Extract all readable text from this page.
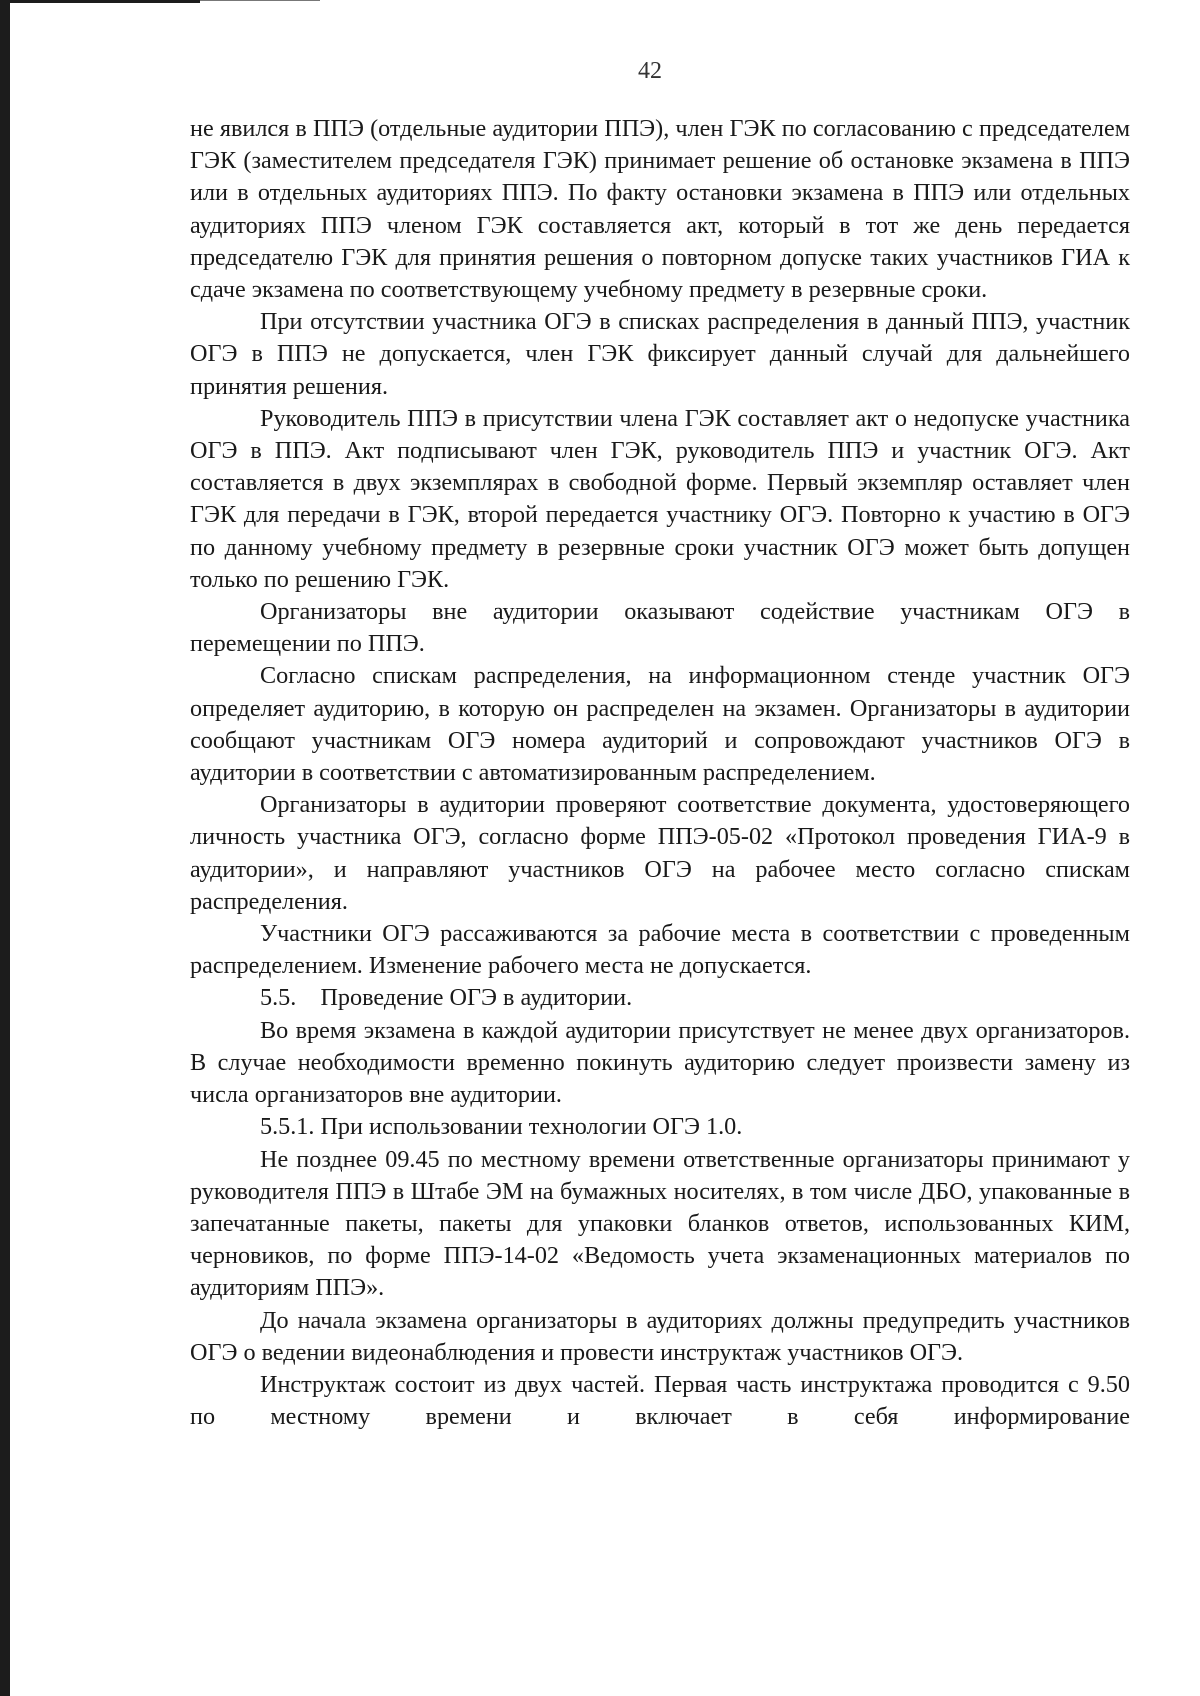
42

не явился в ППЭ (отдельные аудитории ППЭ), член ГЭК по согласованию с председателем ГЭК (заместителем председателя ГЭК) принимает решение об остановке экзамена в ППЭ или в отдельных аудиториях ППЭ. По факту остановки экзамена в ППЭ или отдельных аудиториях ППЭ членом ГЭК составляется акт, который в тот же день передается председателю ГЭК для принятия решения о повторном допуске таких участников ГИА к сдаче экзамена по соответствующему учебному предмету в резервные сроки.

При отсутствии участника ОГЭ в списках распределения в данный ППЭ, участник ОГЭ в ППЭ не допускается, член ГЭК фиксирует данный случай для дальнейшего принятия решения.

Руководитель ППЭ в присутствии члена ГЭК составляет акт о недопуске участника ОГЭ в ППЭ. Акт подписывают член ГЭК, руководитель ППЭ и участник ОГЭ. Акт составляется в двух экземплярах в свободной форме. Первый экземпляр оставляет член ГЭК для передачи в ГЭК, второй передается участнику ОГЭ. Повторно к участию в ОГЭ по данному учебному предмету в резервные сроки участник ОГЭ может быть допущен только по решению ГЭК.

Организаторы вне аудитории оказывают содействие участникам ОГЭ в перемещении по ППЭ.

Согласно спискам распределения, на информационном стенде участник ОГЭ определяет аудиторию, в которую он распределен на экзамен. Организаторы в аудитории сообщают участникам ОГЭ номера аудиторий и сопровождают участников ОГЭ в аудитории в соответствии с автоматизированным распределением.

Организаторы в аудитории проверяют соответствие документа, удостоверяющего личность участника ОГЭ, согласно форме ППЭ-05-02 «Протокол проведения ГИА-9 в аудитории», и направляют участников ОГЭ на рабочее место согласно спискам распределения.

Участники ОГЭ рассаживаются за рабочие места в соответствии с проведенным распределением. Изменение рабочего места не допускается.

5.5.    Проведение ОГЭ в аудитории.

Во время экзамена в каждой аудитории присутствует не менее двух организаторов. В случае необходимости временно покинуть аудиторию следует произвести замену из числа организаторов вне аудитории.

5.5.1. При использовании технологии ОГЭ 1.0.

Не позднее 09.45 по местному времени ответственные организаторы принимают у руководителя ППЭ в Штабе ЭМ на бумажных носителях, в том числе ДБО, упакованные в запечатанные пакеты, пакеты для упаковки бланков ответов, использованных КИМ, черновиков, по форме ППЭ-14-02 «Ведомость учета экзаменационных материалов по аудиториям ППЭ».

До начала экзамена организаторы в аудиториях должны предупредить участников ОГЭ о ведении видеонаблюдения и провести инструктаж участников ОГЭ.

Инструктаж состоит из двух частей. Первая часть инструктажа проводится с 9.50 по местному времени и включает в себя информирование
